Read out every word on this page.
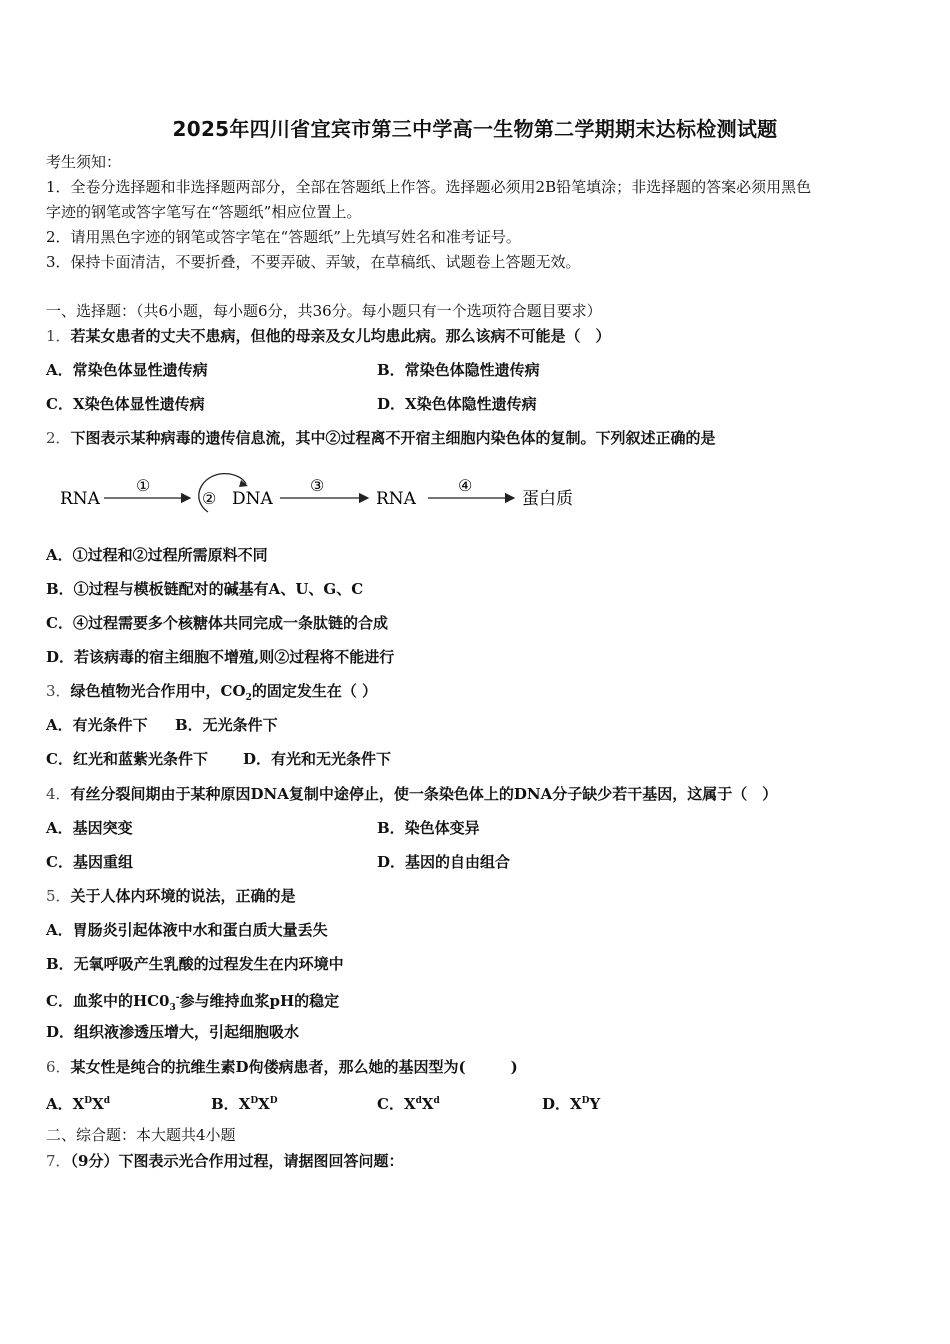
2025年四川省宜宾市第三中学高一生物第二学期期末达标检测试题
考生须知：
1．全卷分选择题和非选择题两部分，全部在答题纸上作答。选择题必须用2B铅笔填涂；非选择题的答案必须用黑色
字迹的钢笔或答字笔写在“答题纸”相应位置上。
2．请用黑色字迹的钢笔或答字笔在“答题纸”上先填写姓名和准考证号。
3．保持卡面清洁，不要折叠，不要弄破、弄皱，在草稿纸、试题卷上答题无效。
一、选择题：（共6小题，每小题6分，共36分。每小题只有一个选项符合题目要求）
1．若某女患者的丈夫不患病，但他的母亲及女儿均患此病。那么该病不可能是（　）
A．常染色体显性遗传病	B．常染色体隐性遗传病
C．X染色体显性遗传病	D．X染色体隐性遗传病
2．下图表示某种病毒的遗传信息流，其中②过程离不开宿主细胞内染色体的复制。下列叙述正确的是
RNA
①
② DNA
③
RNA
④
蛋白质
A．①过程和②过程所需原料不同
B．①过程与模板链配对的碱基有A、U、G、C
C．④过程需要多个核糖体共同完成一条肽链的合成
D．若该病毒的宿主细胞不增殖,则②过程将不能进行
3．绿色植物光合作用中，$CO_2$的固定发生在（ ）
A．有光条件下 B．无光条件下
C．红光和蓝紫光条件下 D．有光和无光条件下
4．有丝分裂间期由于某种原因DNA复制中途停止，使一条染色体上的DNA分子缺少若干基因，这属于（　）
A．基因突变	B．染色体变异
C．基因重组	D．基因的自由组合
5．关于人体内环境的说法，正确的是
A．胃肠炎引起体液中水和蛋白质大量丢失
B．无氧呼吸产生乳酸的过程发生在内环境中
C．血浆中的$HC0_3^-$参与维持血浆pH的稳定
D．组织液渗透压增大，引起细胞吸水
6．某女性是纯合的抗维生素D佝偻病患者，那么她的基因型为(　　　)
A．$X^DX^d$	B．$X^DX^D$	C．$X^dX^d$	D．$X^DY$
二、综合题：本大题共4小题
7．（9分）下图表示光合作用过程，请据图回答问题：
